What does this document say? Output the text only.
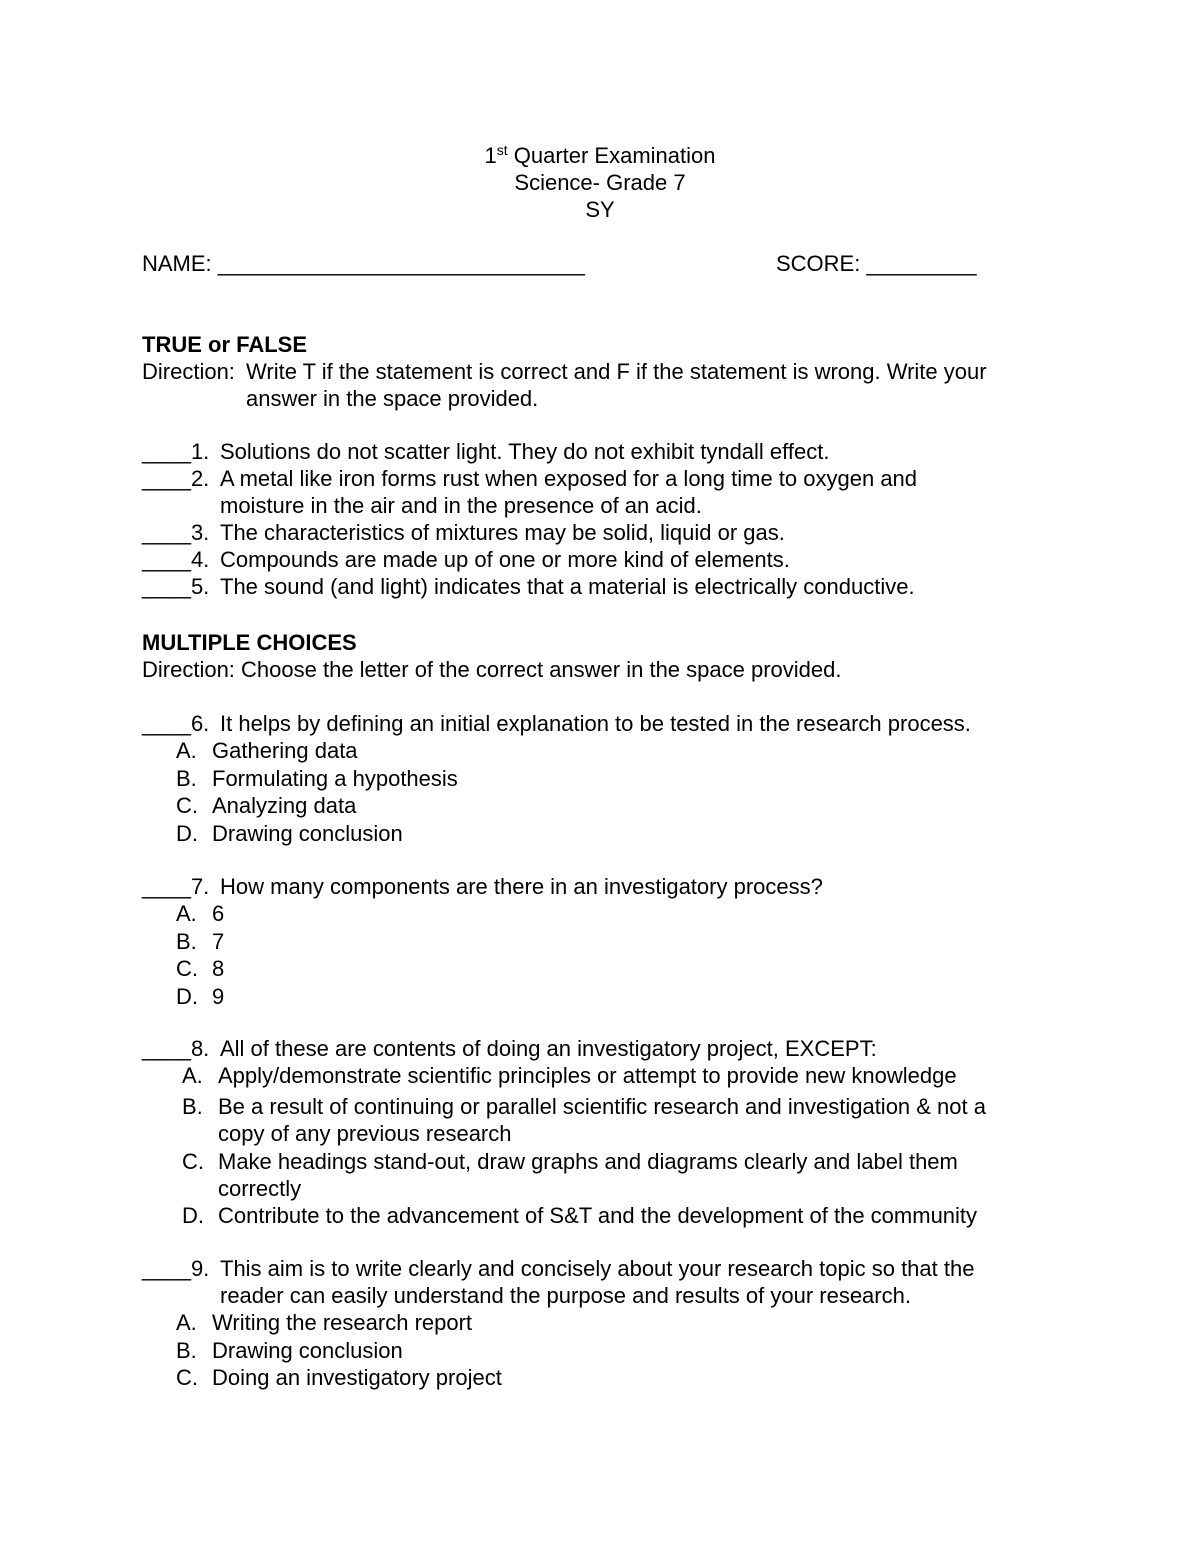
1st Quarter Examination
Science- Grade 7
SY
NAME: ______________________________	SCORE: _________
TRUE or FALSE
Direction: Write T if the statement is correct and F if the statement is wrong. Write your
answer in the space provided.
____1. Solutions do not scatter light. They do not exhibit tyndall effect.
____2. A metal like iron forms rust when exposed for a long time to oxygen and
moisture in the air and in the presence of an acid.
____3. The characteristics of mixtures may be solid, liquid or gas.
____4. Compounds are made up of one or more kind of elements.
____5. The sound (and light) indicates that a material is electrically conductive.
MULTIPLE CHOICES
Direction: Choose the letter of the correct answer in the space provided.
____6. It helps by defining an initial explanation to be tested in the research process.
A. Gathering data
B. Formulating a hypothesis
C. Analyzing data
D. Drawing conclusion
____7. How many components are there in an investigatory process?
A. 6
B. 7
C. 8
D. 9
____8. All of these are contents of doing an investigatory project, EXCEPT:
A. Apply/demonstrate scientific principles or attempt to provide new knowledge
B. Be a result of continuing or parallel scientific research and investigation & not a
copy of any previous research
C. Make headings stand-out, draw graphs and diagrams clearly and label them
correctly
D. Contribute to the advancement of S&T and the development of the community
____9. This aim is to write clearly and concisely about your research topic so that the
reader can easily understand the purpose and results of your research.
A. Writing the research report
B. Drawing conclusion
C. Doing an investigatory project
